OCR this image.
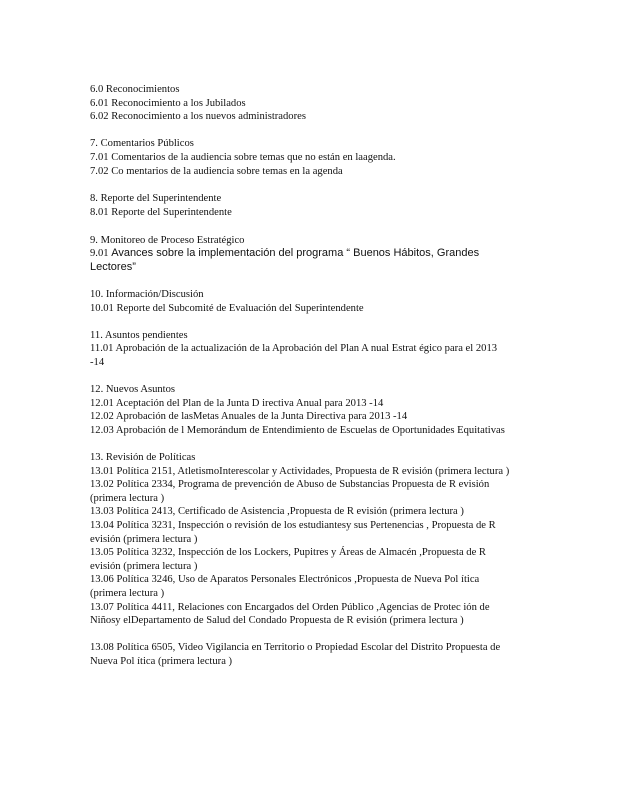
6.0 Reconocimientos
6.01 Reconocimiento a los Jubilados
6.02 Reconocimiento a los nuevos administradores
7. Comentarios Públicos
7.01 Comentarios de la audiencia sobre temas que no están en laagenda.
7.02 Co mentarios de la audiencia sobre temas en la agenda
8. Reporte del Superintendente
8.01 Reporte del Superintendente
9. Monitoreo de Proceso Estratégico
9.01 Avances sobre la implementación del programa “ Buenos Hábitos, Grandes Lectores”
10. Información/Discusión
10.01 Reporte del Subcomité de Evaluación del Superintendente
11. Asuntos pendientes
11.01 Aprobación de la actualización de la Aprobación del Plan A nual Estrat égico para el 2013 -14
12. Nuevos Asuntos
12.01 Aceptación del Plan de la Junta D irectiva Anual para 2013 -14
12.02 Aprobación de lasMetas Anuales de la Junta Directiva para 2013 -14
12.03 Aprobación de l Memorándum de Entendimiento de Escuelas de Oportunidades Equitativas
13. Revisión de Políticas
13.01 Política 2151, AtletismoInterescolar y Actividades, Propuesta de R evisión (primera lectura )
13.02 Política 2334, Programa de prevención de Abuso de Substancias Propuesta de R evisión (primera lectura )
13.03 Política 2413, Certificado de Asistencia ,Propuesta de R evisión (primera lectura )
13.04 Política 3231, Inspección o revisión de los estudiantesy sus Pertenencias , Propuesta de R evisión (primera lectura )
13.05 Política 3232, Inspección de los Lockers, Pupitres y Áreas de Almacén ,Propuesta de R evisión (primera lectura )
13.06 Política 3246, Uso de Aparatos Personales Electrónicos ,Propuesta de Nueva Pol ítica (primera lectura )
13.07 Política 4411, Relaciones con Encargados del Orden Público ,Agencias de Protec ión de Niñosy elDepartamento de Salud del Condado Propuesta de R evisión (primera lectura )
13.08 Política 6505, Video Vigilancia en Territorio o Propiedad Escolar del Distrito Propuesta de Nueva Pol ítica (primera lectura )
